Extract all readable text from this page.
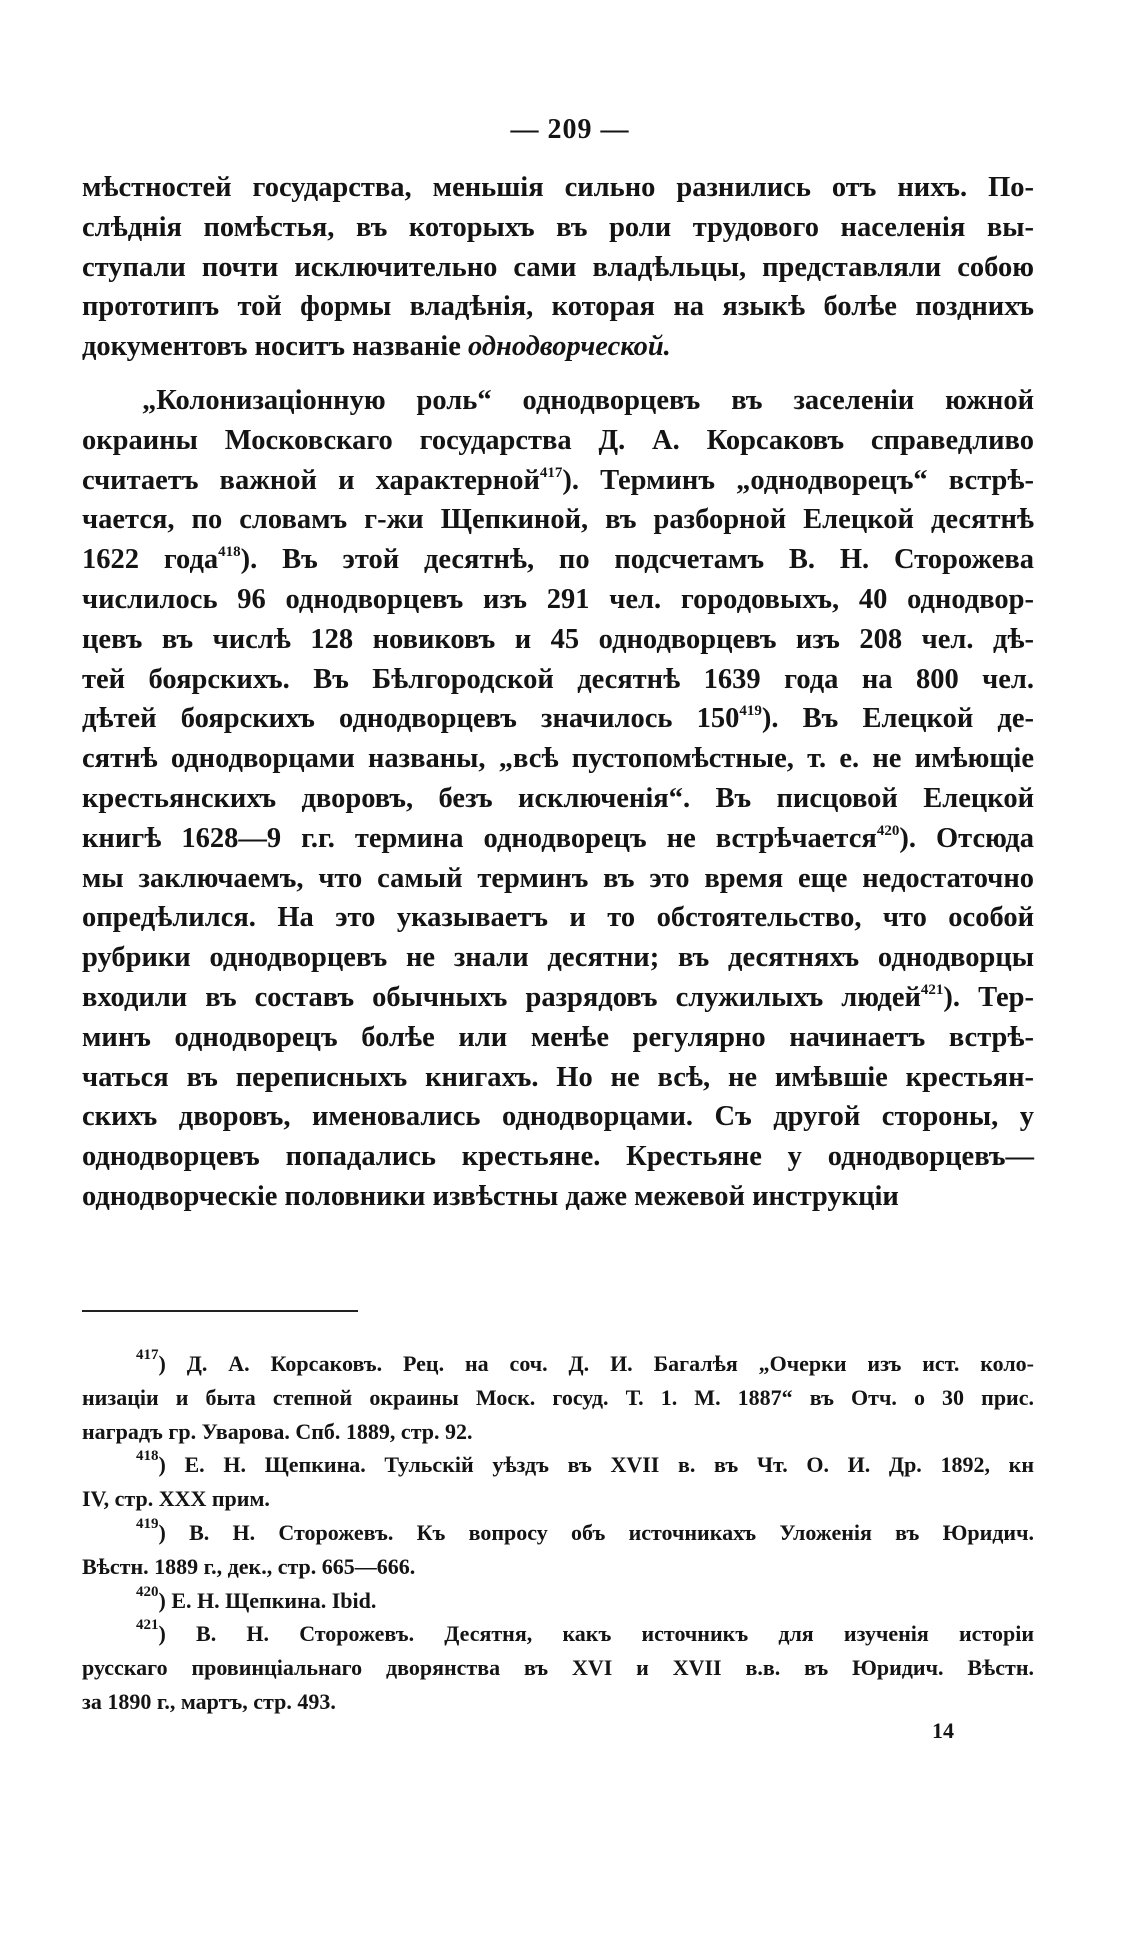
— 209 —
мѣстностей государства, меньшія сильно разнились отъ нихъ. По-
слѣднія помѣстья, въ которыхъ въ роли трудового населенія вы-
ступали почти исключительно сами владѣльцы, представляли собою
прототипъ той формы владѣнія, которая на языкѣ болѣе позднихъ
документовъ носитъ названіе однодворческой.
„Колонизаціонную роль“ однодворцевъ въ заселеніи южной
окраины Московскаго государства Д. А. Корсаковъ справедливо
считаетъ важной и характерной$^{417}$). Терминъ „однодворецъ“ встрѣ-
чается, по словамъ г-жи Щепкиной, въ разборной Елецкой десятнѣ
1622 года$^{418}$). Въ этой десятнѣ, по подсчетамъ В. Н. Сторожева
числилось 96 однодворцевъ изъ 291 чел. городовыхъ, 40 однодвор-
цевъ въ числѣ 128 новиковъ и 45 однодворцевъ изъ 208 чел. дѣ-
тей боярскихъ. Въ Бѣлгородской десятнѣ 1639 года на 800 чел.
дѣтей боярскихъ однодворцевъ значилось $150^{419}$). Въ Елецкой де-
сятнѣ однодворцами названы, „всѣ пустопомѣстные, т. е. не имѣющіе
крестьянскихъ дворовъ, безъ исключенія“. Въ писцовой Елецкой
книгѣ 1628—9 г.г. термина однодворецъ не встрѣчается$^{420}$). Отсюда
мы заключаемъ, что самый терминъ въ это время еще недостаточно
опредѣлился. На это указываетъ и то обстоятельство, что особой
рубрики однодворцевъ не знали десятни; въ десятняхъ однодворцы
входили въ составъ обычныхъ разрядовъ служилыхъ людей$^{421}$). Тер-
минъ однодворецъ болѣе или менѣе регулярно начинаетъ встрѣ-
чаться въ переписныхъ книгахъ. Но не всѣ, не имѣвшіе крестьян-
скихъ дворовъ, именовались однодворцами. Съ другой стороны, у
однодворцевъ попадались крестьяне. Крестьяне у однодворцевъ—
однодворческіе половники извѣстны даже межевой инструкціи
$^{417}$) Д. А. Корсаковъ. Рец. на соч. Д. И. Багалѣя „Очерки изъ ист. коло-
низаціи и быта степной окраины Моск. госуд. Т. 1. М. 1887“ въ Отч. о 30 прис.
наградъ гр. Уварова. Спб. 1889, стр. 92.
$^{418}$) Е. Н. Щепкина. Тульскій уѣздъ въ XVII в. въ Чт. О. И. Др. 1892, кн
IV, стр. XXX прим.
$^{419}$) В. Н. Сторожевъ. Къ вопросу объ источникахъ Уложенія въ Юридич.
Вѣстн. 1889 г., дек., стр. 665—666.
$^{420}$) Е. Н. Щепкина. Ibid.
$^{421}$) В. Н. Сторожевъ. Десятня, какъ источникъ для изученія исторіи
русскаго провинціальнаго дворянства въ XVI и XVII в.в. въ Юридич. Вѣстн.
за 1890 г., мартъ, стр. 493.
14
